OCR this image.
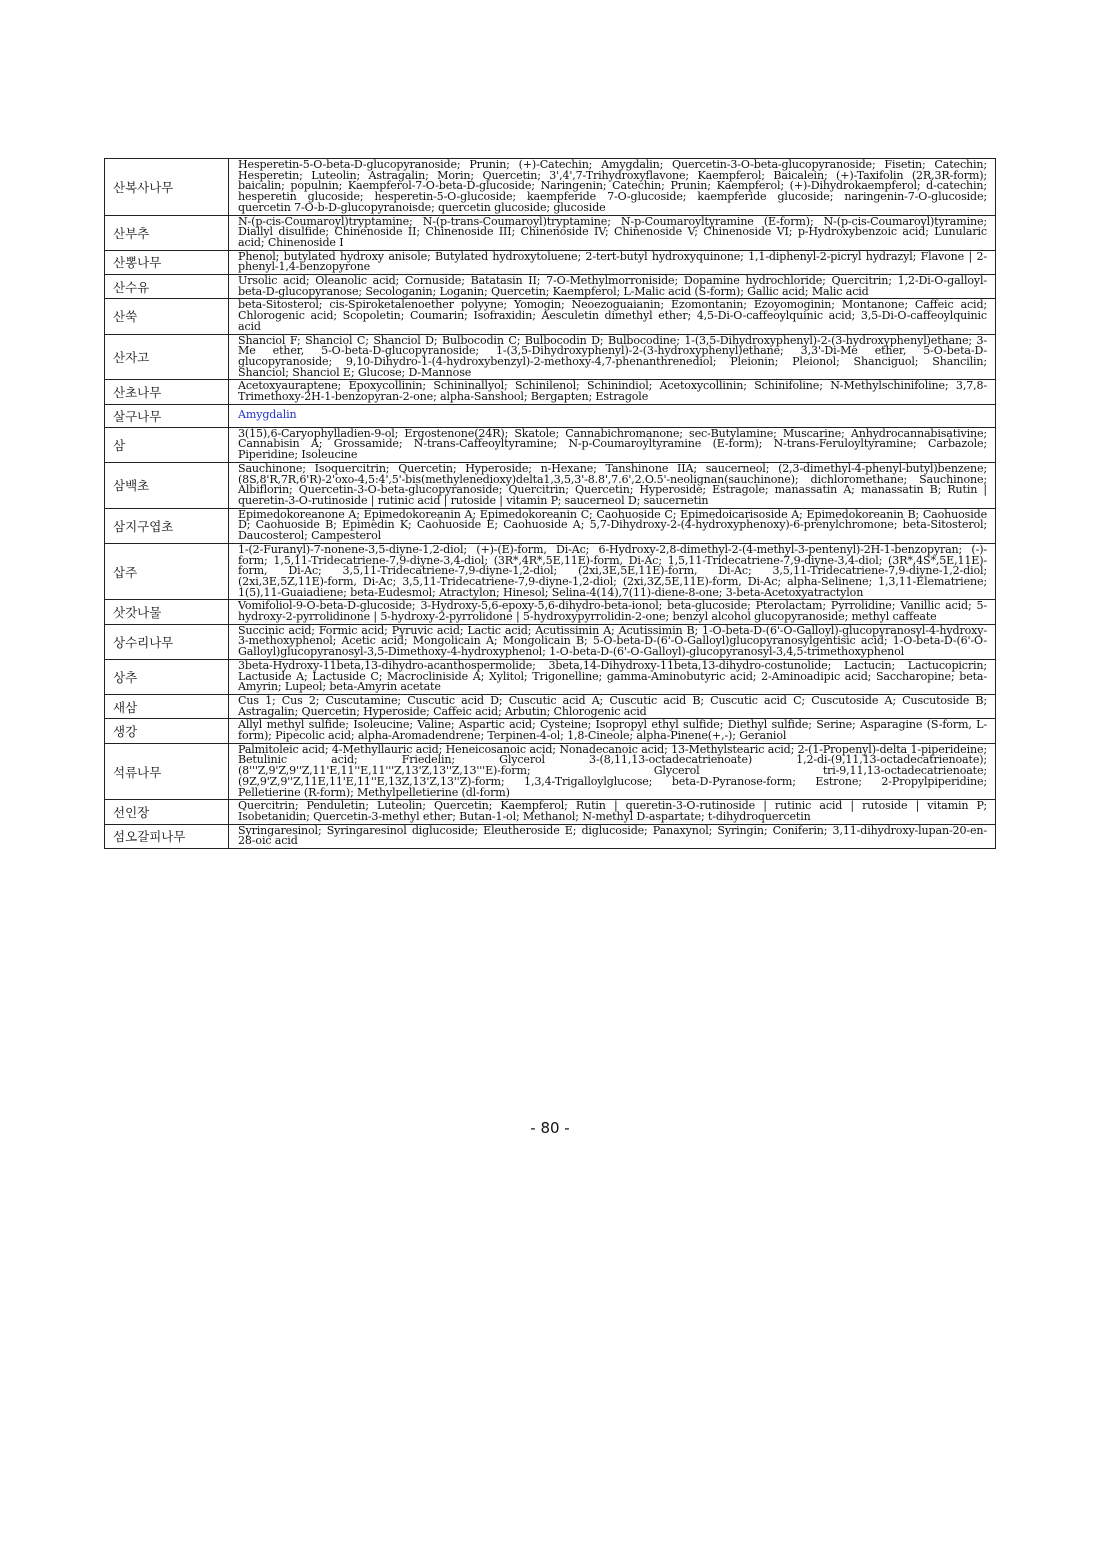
산복사나무	Hesperetin-5-O-beta-D-glucopyranoside; Prunin; (+)-Catechin; Amygdalin; Quercetin-3-O-beta-glucopyranoside; Fisetin; Catechin; Hesperetin; Luteolin; Astragalin; Morin; Quercetin; 3',4',7-Trihydroxyflavone; Kaempferol; Baicalein; (+)-Taxifolin (2R,3R-form); baicalin; populnin; Kaempferol-7-O-beta-D-glucoside; Naringenin; Catechin; Prunin; Kaempferol; (+)-Dihydrokaempferol; d-catechin; hesperetin glucoside; hesperetin-5-O-glucoside; kaempferide 7-O-glucoside; kaempferide glucoside; naringenin-7-O-glucoside; quercetin 7-O-b-D-glucopyranoisde; quercetin glucoside; glucoside
산부추	N-(p-cis-Coumaroyl)tryptamine; N-(p-trans-Coumaroyl)tryptamine; N-p-Coumaroyltyramine (E-form); N-(p-cis-Coumaroyl)tyramine; Diallyl disulfide; Chinenoside II; Chinenoside III; Chinenoside IV; Chinenoside V; Chinenoside VI; p-Hydroxybenzoic acid; Lunularic acid; Chinenoside I
산뽕나무	Phenol; butylated hydroxy anisole; Butylated hydroxytoluene; 2-tert-butyl hydroxyquinone; 1,1-diphenyl-2-picryl hydrazyl; Flavone | 2-phenyl-1,4-benzopyrone
산수유	Ursolic acid; Oleanolic acid; Cornuside; Batatasin II; 7-O-Methylmorroniside; Dopamine hydrochloride; Quercitrin; 1,2-Di-O-galloyl-beta-D-glucopyranose; Secologanin; Loganin; Quercetin; Kaempferol; L-Malic acid (S-form); Gallic acid; Malic acid
산쑥	beta-Sitosterol; cis-Spiroketalenoether polyyne; Yomogin; Neoezoguaianin; Ezomontanin; Ezoyomoginin; Montanone; Caffeic acid; Chlorogenic acid; Scopoletin; Coumarin; Isofraxidin; Aesculetin dimethyl ether; 4,5-Di-O-caffeoylquinic acid; 3,5-Di-O-caffeoylquinic acid
산자고	Shanciol F; Shanciol C; Shanciol D; Bulbocodin C; Bulbocodin D; Bulbocodine; 1-(3,5-Dihydroxyphenyl)-2-(3-hydroxyphenyl)ethane; 3-Me ether, 5-O-beta-D-glucopyranoside; 1-(3,5-Dihydroxyphenyl)-2-(3-hydroxyphenyl)ethane; 3,3'-Di-Me ether, 5-O-beta-D-glucopyranoside; 9,10-Dihydro-1-(4-hydroxybenzyl)-2-methoxy-4,7-phenanthrenediol; Pleionin; Pleionol; Shanciguol; Shancilin; Shanciol; Shanciol E; Glucose; D-Mannose
산초나무	Acetoxyauraptene; Epoxycollinin; Schininallyol; Schinilenol; Schinindiol; Acetoxycollinin; Schinifoline; N-Methylschinifoline; 3,7,8-Trimethoxy-2H-1-benzopyran-2-one; alpha-Sanshool; Bergapten; Estragole
살구나무	Amygdalin
삼	3(15),6-Caryophylladien-9-ol; Ergostenone(24R); Skatole; Cannabichromanone; sec-Butylamine; Muscarine; Anhydrocannabisativine; Cannabisin A; Grossamide; N-trans-Caffeoyltyramine; N-p-Coumaroyltyramine (E-form); N-trans-Feruloyltyramine; Carbazole; Piperidine; Isoleucine
삼백초	Sauchinone; Isoquercitrin; Quercetin; Hyperoside; n-Hexane; Tanshinone IIA; saucerneol; (2,3-dimethyl-4-phenyl-butyl)benzene; (8S,8'R,7R,6'R)-2'oxo-4,5:4',5'-bis(methylenedioxy)delta1,3,5,3'-8.8',7.6',2.O.5'-neolignan(sauchinone); dichloromethane; Sauchinone; Albiflorin; Quercetin-3-O-beta-glucopyranoside; Quercitrin; Quercetin; Hyperoside; Estragole; manassatin A; manassatin B; Rutin | queretin-3-O-rutinoside | rutinic acid | rutoside | vitamin P; saucerneol D; saucernetin
삼지구엽초	Epimedokoreanone A; Epimedokoreanin A; Epimedokoreanin C; Caohuoside C; Epimedoicarisoside A; Epimedokoreanin B; Caohuoside D; Caohuoside B; Epimedin K; Caohuoside E; Caohuoside A; 5,7-Dihydroxy-2-(4-hydroxyphenoxy)-6-prenylchromone; beta-Sitosterol; Daucosterol; Campesterol
삽주	1-(2-Furanyl)-7-nonene-3,5-diyne-1,2-diol; (+)-(E)-form, Di-Ac; 6-Hydroxy-2,8-dimethyl-2-(4-methyl-3-pentenyl)-2H-1-benzopyran; (-)-form; 1,5,11-Tridecatriene-7,9-diyne-3,4-diol; (3R*,4R*,5E,11E)-form, Di-Ac; 1,5,11-Tridecatriene-7,9-diyne-3,4-diol; (3R*,4S*,5E,11E)-form, Di-Ac; 3,5,11-Tridecatriene-7,9-diyne-1,2-diol; (2xi,3E,5E,11E)-form, Di-Ac; 3,5,11-Tridecatriene-7,9-diyne-1,2-diol; (2xi,3E,5Z,11E)-form, Di-Ac; 3,5,11-Tridecatriene-7,9-diyne-1,2-diol; (2xi,3Z,5E,11E)-form, Di-Ac; alpha-Selinene; 1,3,11-Elematriene; 1(5),11-Guaiadiene; beta-Eudesmol; Atractylon; Hinesol; Selina-4(14),7(11)-diene-8-one; 3-beta-Acetoxyatractylon
삿갓나물	Vomifoliol-9-O-beta-D-glucoside; 3-Hydroxy-5,6-epoxy-5,6-dihydro-beta-ionol; beta-glucoside; Pterolactam; Pyrrolidine; Vanillic acid; 5-hydroxy-2-pyrrolidinone | 5-hydroxy-2-pyrrolidone | 5-hydroxypyrrolidin-2-one; benzyl alcohol glucopyranoside; methyl caffeate
상수리나무	Succinic acid; Formic acid; Pyruvic acid; Lactic acid; Acutissimin A; Acutissimin B; 1-O-beta-D-(6'-O-Galloyl)-glucopyranosyl-4-hydroxy-3-methoxyphenol; Acetic acid; Mongolicain A; Mongolicain B; 5-O-beta-D-(6'-O-Galloyl)glucopyranosylgentisic acid; 1-O-beta-D-(6'-O-Galloyl)glucopyranosyl-3,5-Dimethoxy-4-hydroxyphenol; 1-O-beta-D-(6'-O-Galloyl)-glucopyranosyl-3,4,5-trimethoxyphenol
상추	3beta-Hydroxy-11beta,13-dihydro-acanthospermolide; 3beta,14-Dihydroxy-11beta,13-dihydro-costunolide; Lactucin; Lactucopicrin; Lactuside A; Lactuside C; Macrocliniside A; Xylitol; Trigonelline; gamma-Aminobutyric acid; 2-Aminoadipic acid; Saccharopine; beta-Amyrin; Lupeol; beta-Amyrin acetate
새삼	Cus 1; Cus 2; Cuscutamine; Cuscutic acid D; Cuscutic acid A; Cuscutic acid B; Cuscutic acid C; Cuscutoside A; Cuscutoside B; Astragalin; Quercetin; Hyperoside; Caffeic acid; Arbutin; Chlorogenic acid
생강	Allyl methyl sulfide; Isoleucine; Valine; Aspartic acid; Cysteine; Isopropyl ethyl sulfide; Diethyl sulfide; Serine; Asparagine (S-form, L-form); Pipecolic acid; alpha-Aromadendrene; Terpinen-4-ol; 1,8-Cineole; alpha-Pinene(+,-); Geraniol
석류나무	Palmitoleic acid; 4-Methyllauric acid; Heneicosanoic acid; Nonadecanoic acid; 13-Methylstearic acid; 2-(1-Propenyl)-delta 1-piperideine; Betulinic acid; Friedelin; Glycerol 3-(8,11,13-octadecatrienoate) 1,2-di-(9,11,13-octadecatrienoate); (8'''Z,9'Z,9''Z,11'E,11''E,11'''Z,13'Z,13''Z,13'''E)-form; Glycerol tri-9,11,13-octadecatrienoate; (9Z,9'Z,9''Z,11E,11'E,11''E,13Z,13'Z,13''Z)-form; 1,3,4-Trigalloylglucose; beta-D-Pyranose-form; Estrone; 2-Propylpiperidine; Pelletierine (R-form); Methylpelletierine (dl-form)
선인장	Quercitrin; Penduletin; Luteolin; Quercetin; Kaempferol; Rutin | queretin-3-O-rutinoside | rutinic acid | rutoside | vitamin P; Isobetanidin; Quercetin-3-methyl ether; Butan-1-ol; Methanol; N-methyl D-aspartate; t-dihydroquercetin
섬오갈피나무	Syringaresinol; Syringaresinol diglucoside; Eleutheroside E; diglucoside; Panaxynol; Syringin; Coniferin; 3,11-dihydroxy-lupan-20-en-28-oic acid
- 80 -
